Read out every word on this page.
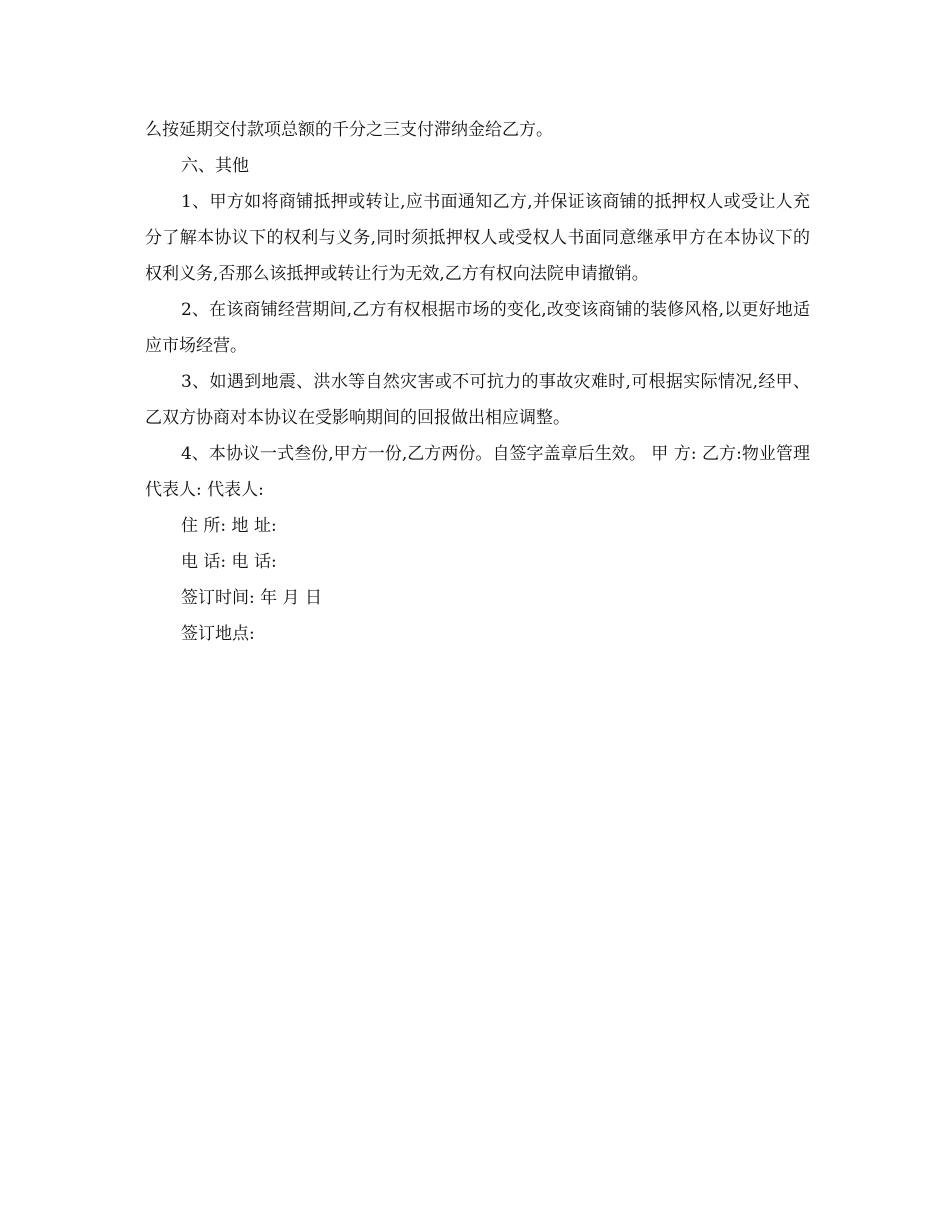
么按延期交付款项总额的千分之三支付滞纳金给乙方。

六、其他

1、甲方如将商铺抵押或转让,应书面通知乙方,并保证该商铺的抵押权人或受让人充分了解本协议下的权利与义务,同时须抵押权人或受权人书面同意继承甲方在本协议下的权利义务,否那么该抵押或转让行为无效,乙方有权向法院申请撤销。

2、在该商铺经营期间,乙方有权根据市场的变化,改变该商铺的装修风格,以更好地适应市场经营。

3、如遇到地震、洪水等自然灾害或不可抗力的事故灾难时,可根据实际情况,经甲、乙双方协商对本协议在受影响期间的回报做出相应调整。

4、本协议一式叁份,甲方一份,乙方两份。自签字盖章后生效。 甲 方: 乙方:物业管理 代表人: 代表人:

住 所: 地 址:

电 话: 电 话:

签订时间: 年 月 日

签订地点:
